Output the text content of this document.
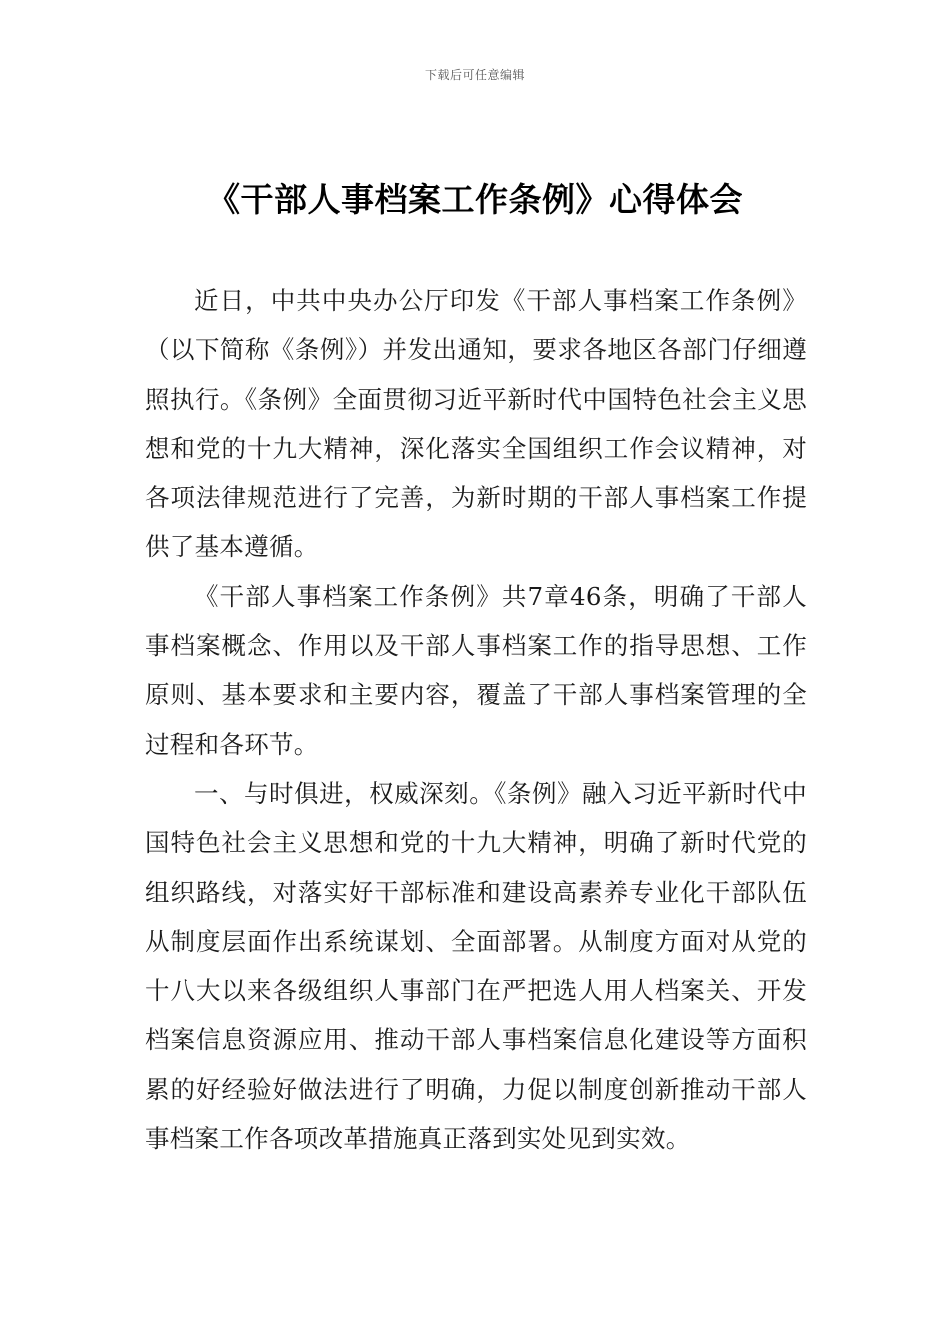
下载后可任意编辑
《干部人事档案工作条例》心得体会

近日，中共中央办公厅印发《干部人事档案工作条例》（以下简称《条例》）并发出通知，要求各地区各部门仔细遵照执行。《条例》全面贯彻习近平新时代中国特色社会主义思想和党的十九大精神，深化落实全国组织工作会议精神，对各项法律规范进行了完善，为新时期的干部人事档案工作提供了基本遵循。

《干部人事档案工作条例》共7章46条，明确了干部人事档案概念、作用以及干部人事档案工作的指导思想、工作原则、基本要求和主要内容，覆盖了干部人事档案管理的全过程和各环节。

一、与时俱进，权威深刻。《条例》融入习近平新时代中国特色社会主义思想和党的十九大精神，明确了新时代党的组织路线，对落实好干部标准和建设高素养专业化干部队伍从制度层面作出系统谋划、全面部署。从制度方面对从党的十八大以来各级组织人事部门在严把选人用人档案关、开发档案信息资源应用、推动干部人事档案信息化建设等方面积累的好经验好做法进行了明确，力促以制度创新推动干部人事档案工作各项改革措施真正落到实处见到实效。
